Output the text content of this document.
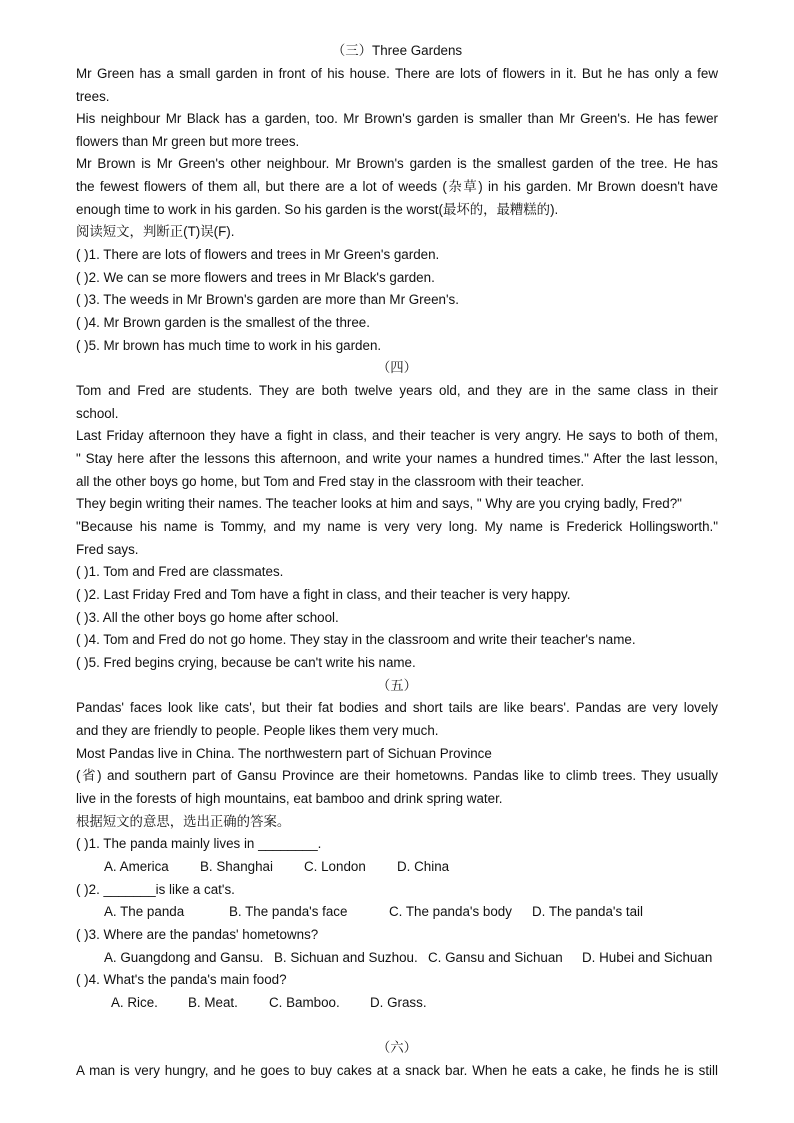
（三）Three Gardens
Mr Green has a small garden in front of his house. There are lots of flowers in it. But he has only a few
trees.
His neighbour Mr Black has a garden, too. Mr Brown's garden is smaller than Mr Green's. He has fewer
flowers than Mr green but more trees.
Mr Brown is Mr Green's other neighbour. Mr Brown's garden is the smallest garden of the tree. He has
the fewest flowers of them all, but there are a lot of weeds (杂草) in his garden. Mr Brown doesn't have
enough time to work in his garden. So his garden is the worst(最坏的，最糟糕的).
阅读短文，判断正(T)误(F).
( )1. There are lots of flowers and trees in Mr Green's garden.
( )2. We can se more flowers and trees in Mr Black's garden.
( )3. The weeds in Mr Brown's garden are more than Mr Green's.
( )4. Mr Brown garden is the smallest of the three.
( )5. Mr brown has much time to work in his garden.
（四）
Tom and Fred are students. They are both twelve years old, and they are in the same class in their
school.
Last Friday afternoon they have a fight in class, and their teacher is very angry. He says to both of them,
" Stay here after the lessons this afternoon, and write your names a hundred times." After the last lesson,
all the other boys go home, but Tom and Fred stay in the classroom with their teacher.
They begin writing their names. The teacher looks at him and says, " Why are you crying badly, Fred?"
"Because his name is Tommy, and my name is very very long. My name is Frederick Hollingsworth."
Fred says.
( )1. Tom and Fred are classmates.
( )2. Last Friday Fred and Tom have a fight in class, and their teacher is very happy.
( )3. All the other boys go home after school.
( )4. Tom and Fred do not go home. They stay in the classroom and write their teacher's name.
( )5. Fred begins crying, because be can't write his name.
（五）
Pandas' faces look like cats', but their fat bodies and short tails are like bears'. Pandas are very lovely
and they are friendly to people. People likes them very much.
Most Pandas live in China. The northwestern part of Sichuan Province
(省) and southern part of Gansu Province are their hometowns. Pandas like to climb trees. They usually
live in the forests of high mountains, eat bamboo and drink spring water.
根据短文的意思，选出正确的答案。
( )1. The panda mainly lives in ________.
A. America B. Shanghai C. London D. China
( )2. _______is like a cat's.
A. The panda	B. The panda's face	C. The panda's body D. The panda's tail
( )3. Where are the pandas' hometowns?
A. Guangdong and Gansu. B. Sichuan and Suzhou. C. Gansu and Sichuan D. Hubei and Sichuan
( )4. What's the panda's main food?
A. Rice. B. Meat. C. Bamboo. D. Grass.
（六）
A man is very hungry, and he goes to buy cakes at a snack bar. When he eats a cake, he finds he is still
